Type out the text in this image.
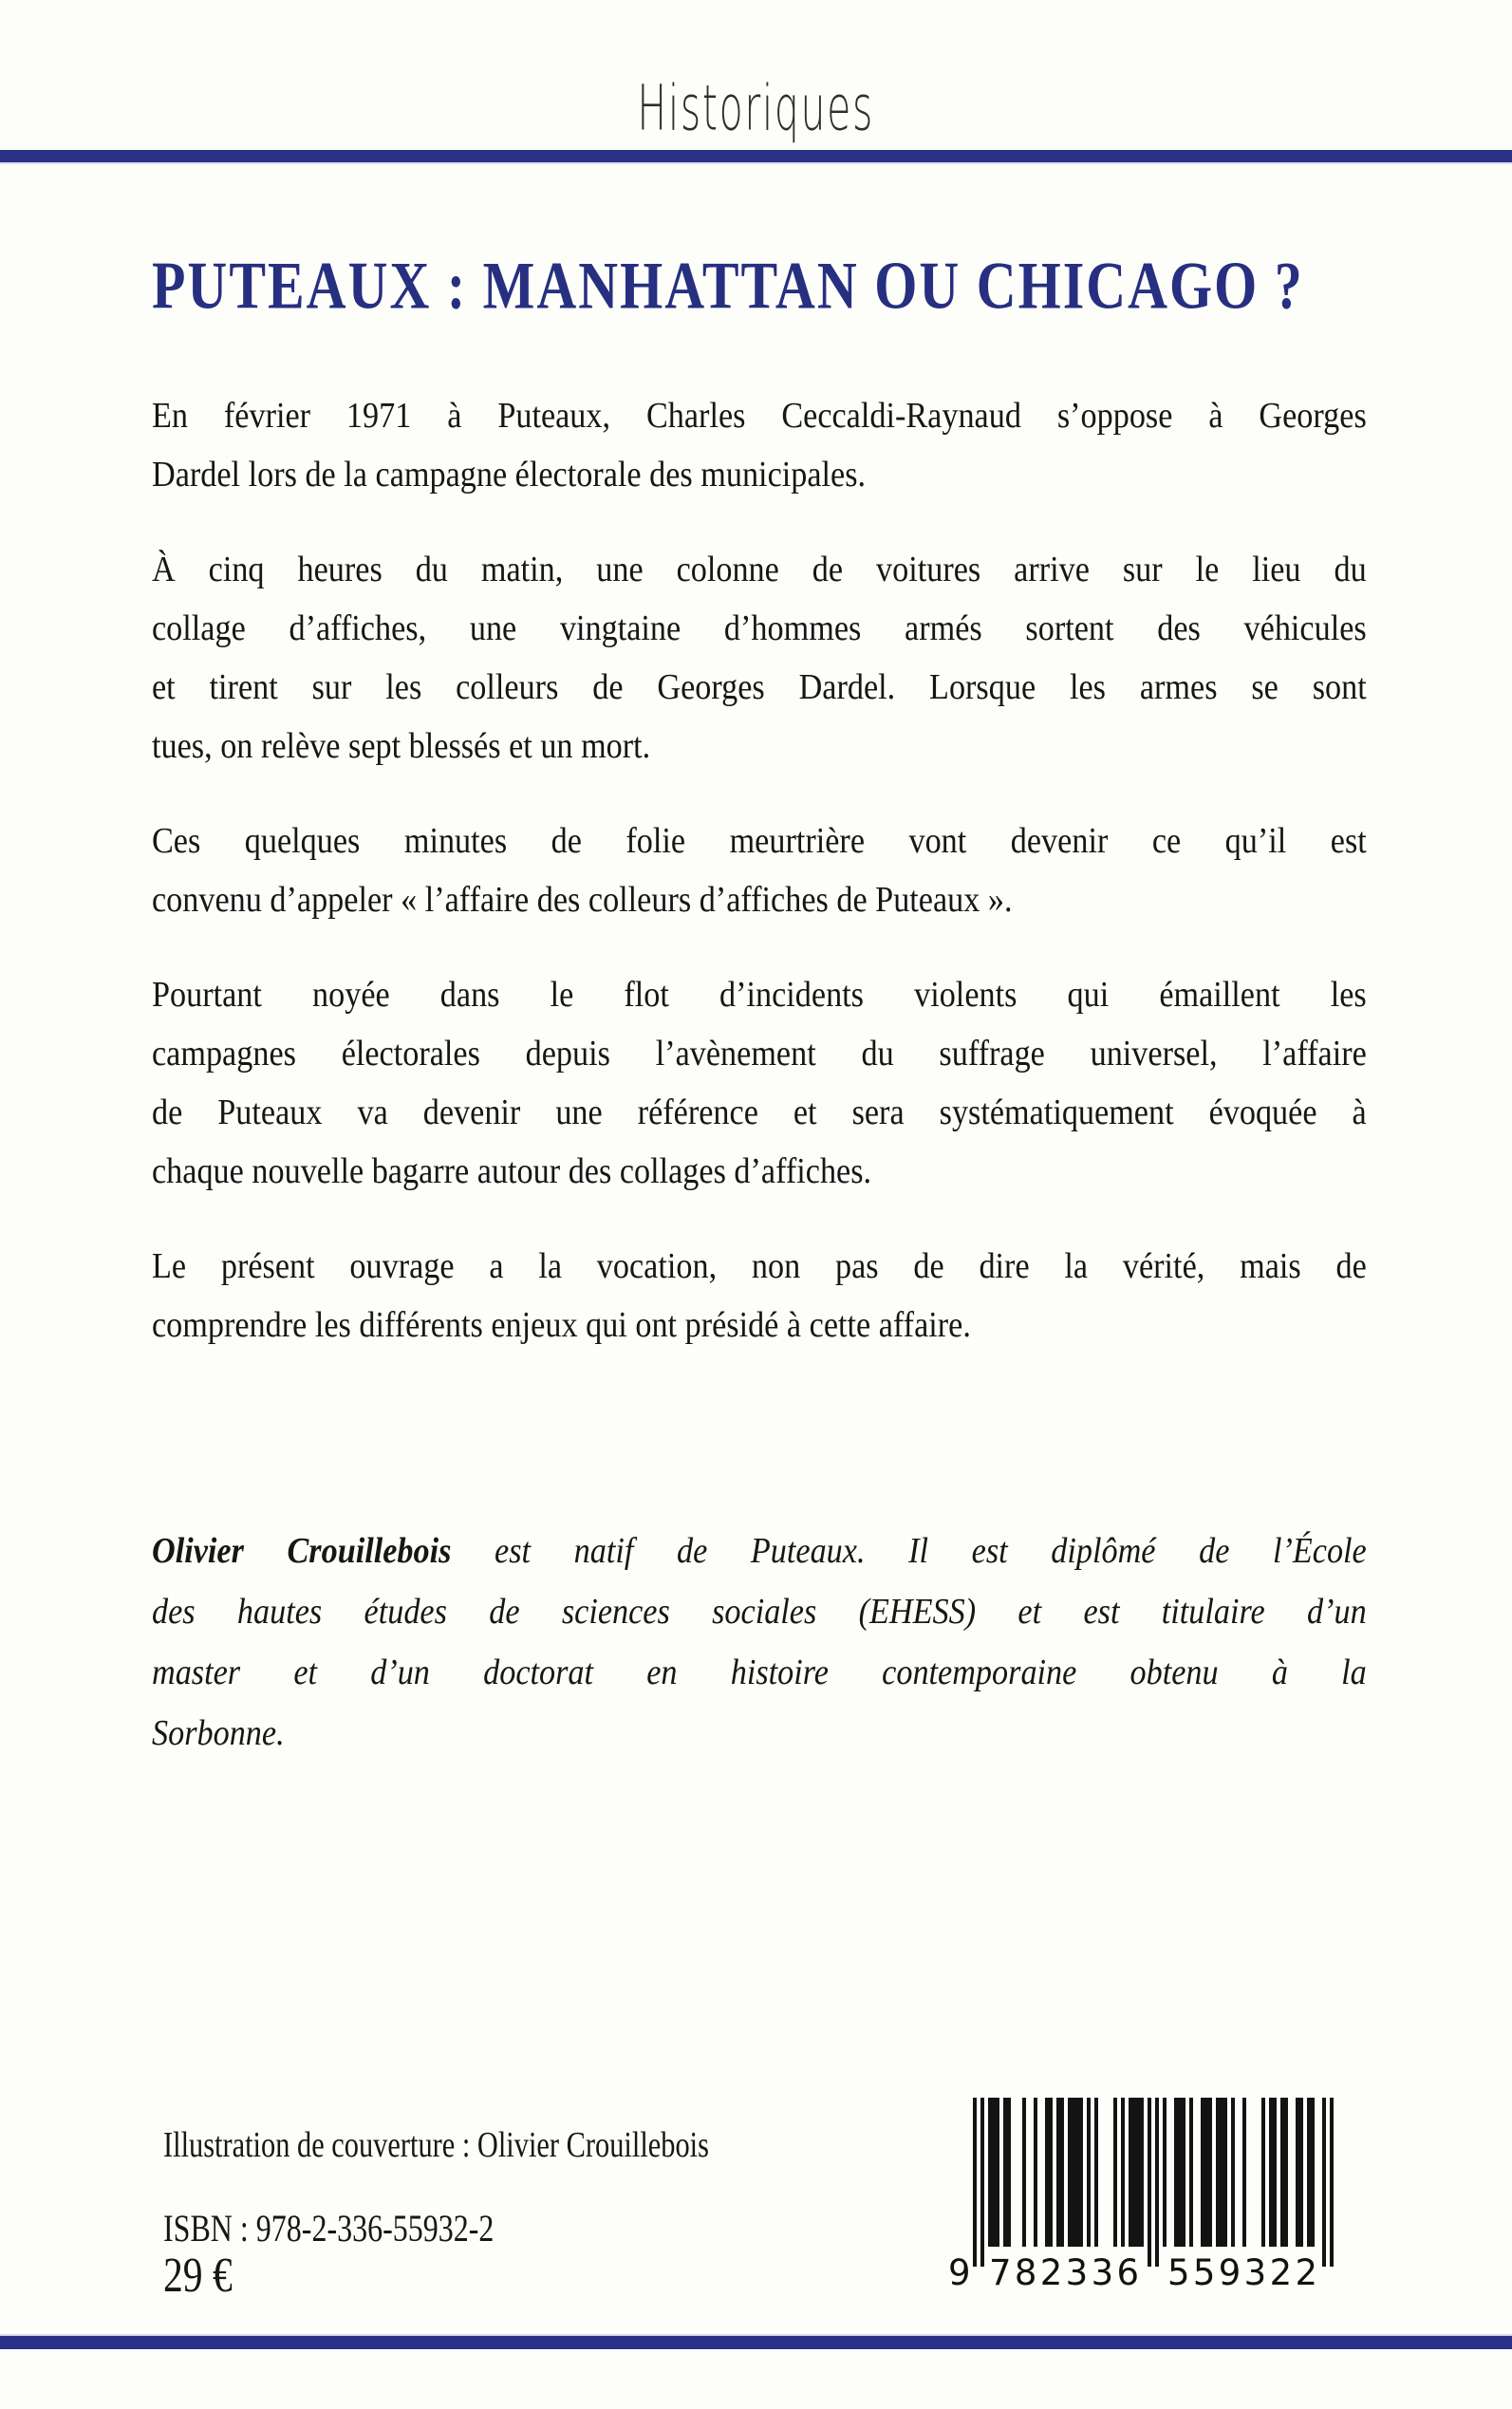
Historiques
PUTEAUX : MANHATTAN OU CHICAGO ?
En février 1971 à Puteaux, Charles Ceccaldi-Raynaud s’oppose à Georges
Dardel lors de la campagne électorale des municipales.
À cinq heures du matin, une colonne de voitures arrive sur le lieu du
collage d’affiches, une vingtaine d’hommes armés sortent des véhicules
et tirent sur les colleurs de Georges Dardel. Lorsque les armes se sont
tues, on relève sept blessés et un mort.
Ces quelques minutes de folie meurtrière vont devenir ce qu’il est
convenu d’appeler « l’affaire des colleurs d’affiches de Puteaux ».
Pourtant noyée dans le flot d’incidents violents qui émaillent les
campagnes électorales depuis l’avènement du suffrage universel, l’affaire
de Puteaux va devenir une référence et sera systématiquement évoquée à
chaque nouvelle bagarre autour des collages d’affiches.
Le présent ouvrage a la vocation, non pas de dire la vérité, mais de
comprendre les différents enjeux qui ont présidé à cette affaire.
Olivier Crouillebois est natif de Puteaux. Il est diplômé de l’École
des hautes études de sciences sociales (EHESS) et est titulaire d’un
master et d’un doctorat en histoire contemporaine obtenu à la
Sorbonne.
Illustration de couverture : Olivier Crouillebois
ISBN : 978-2-336-55932-2
29 €	9 782336 559322
